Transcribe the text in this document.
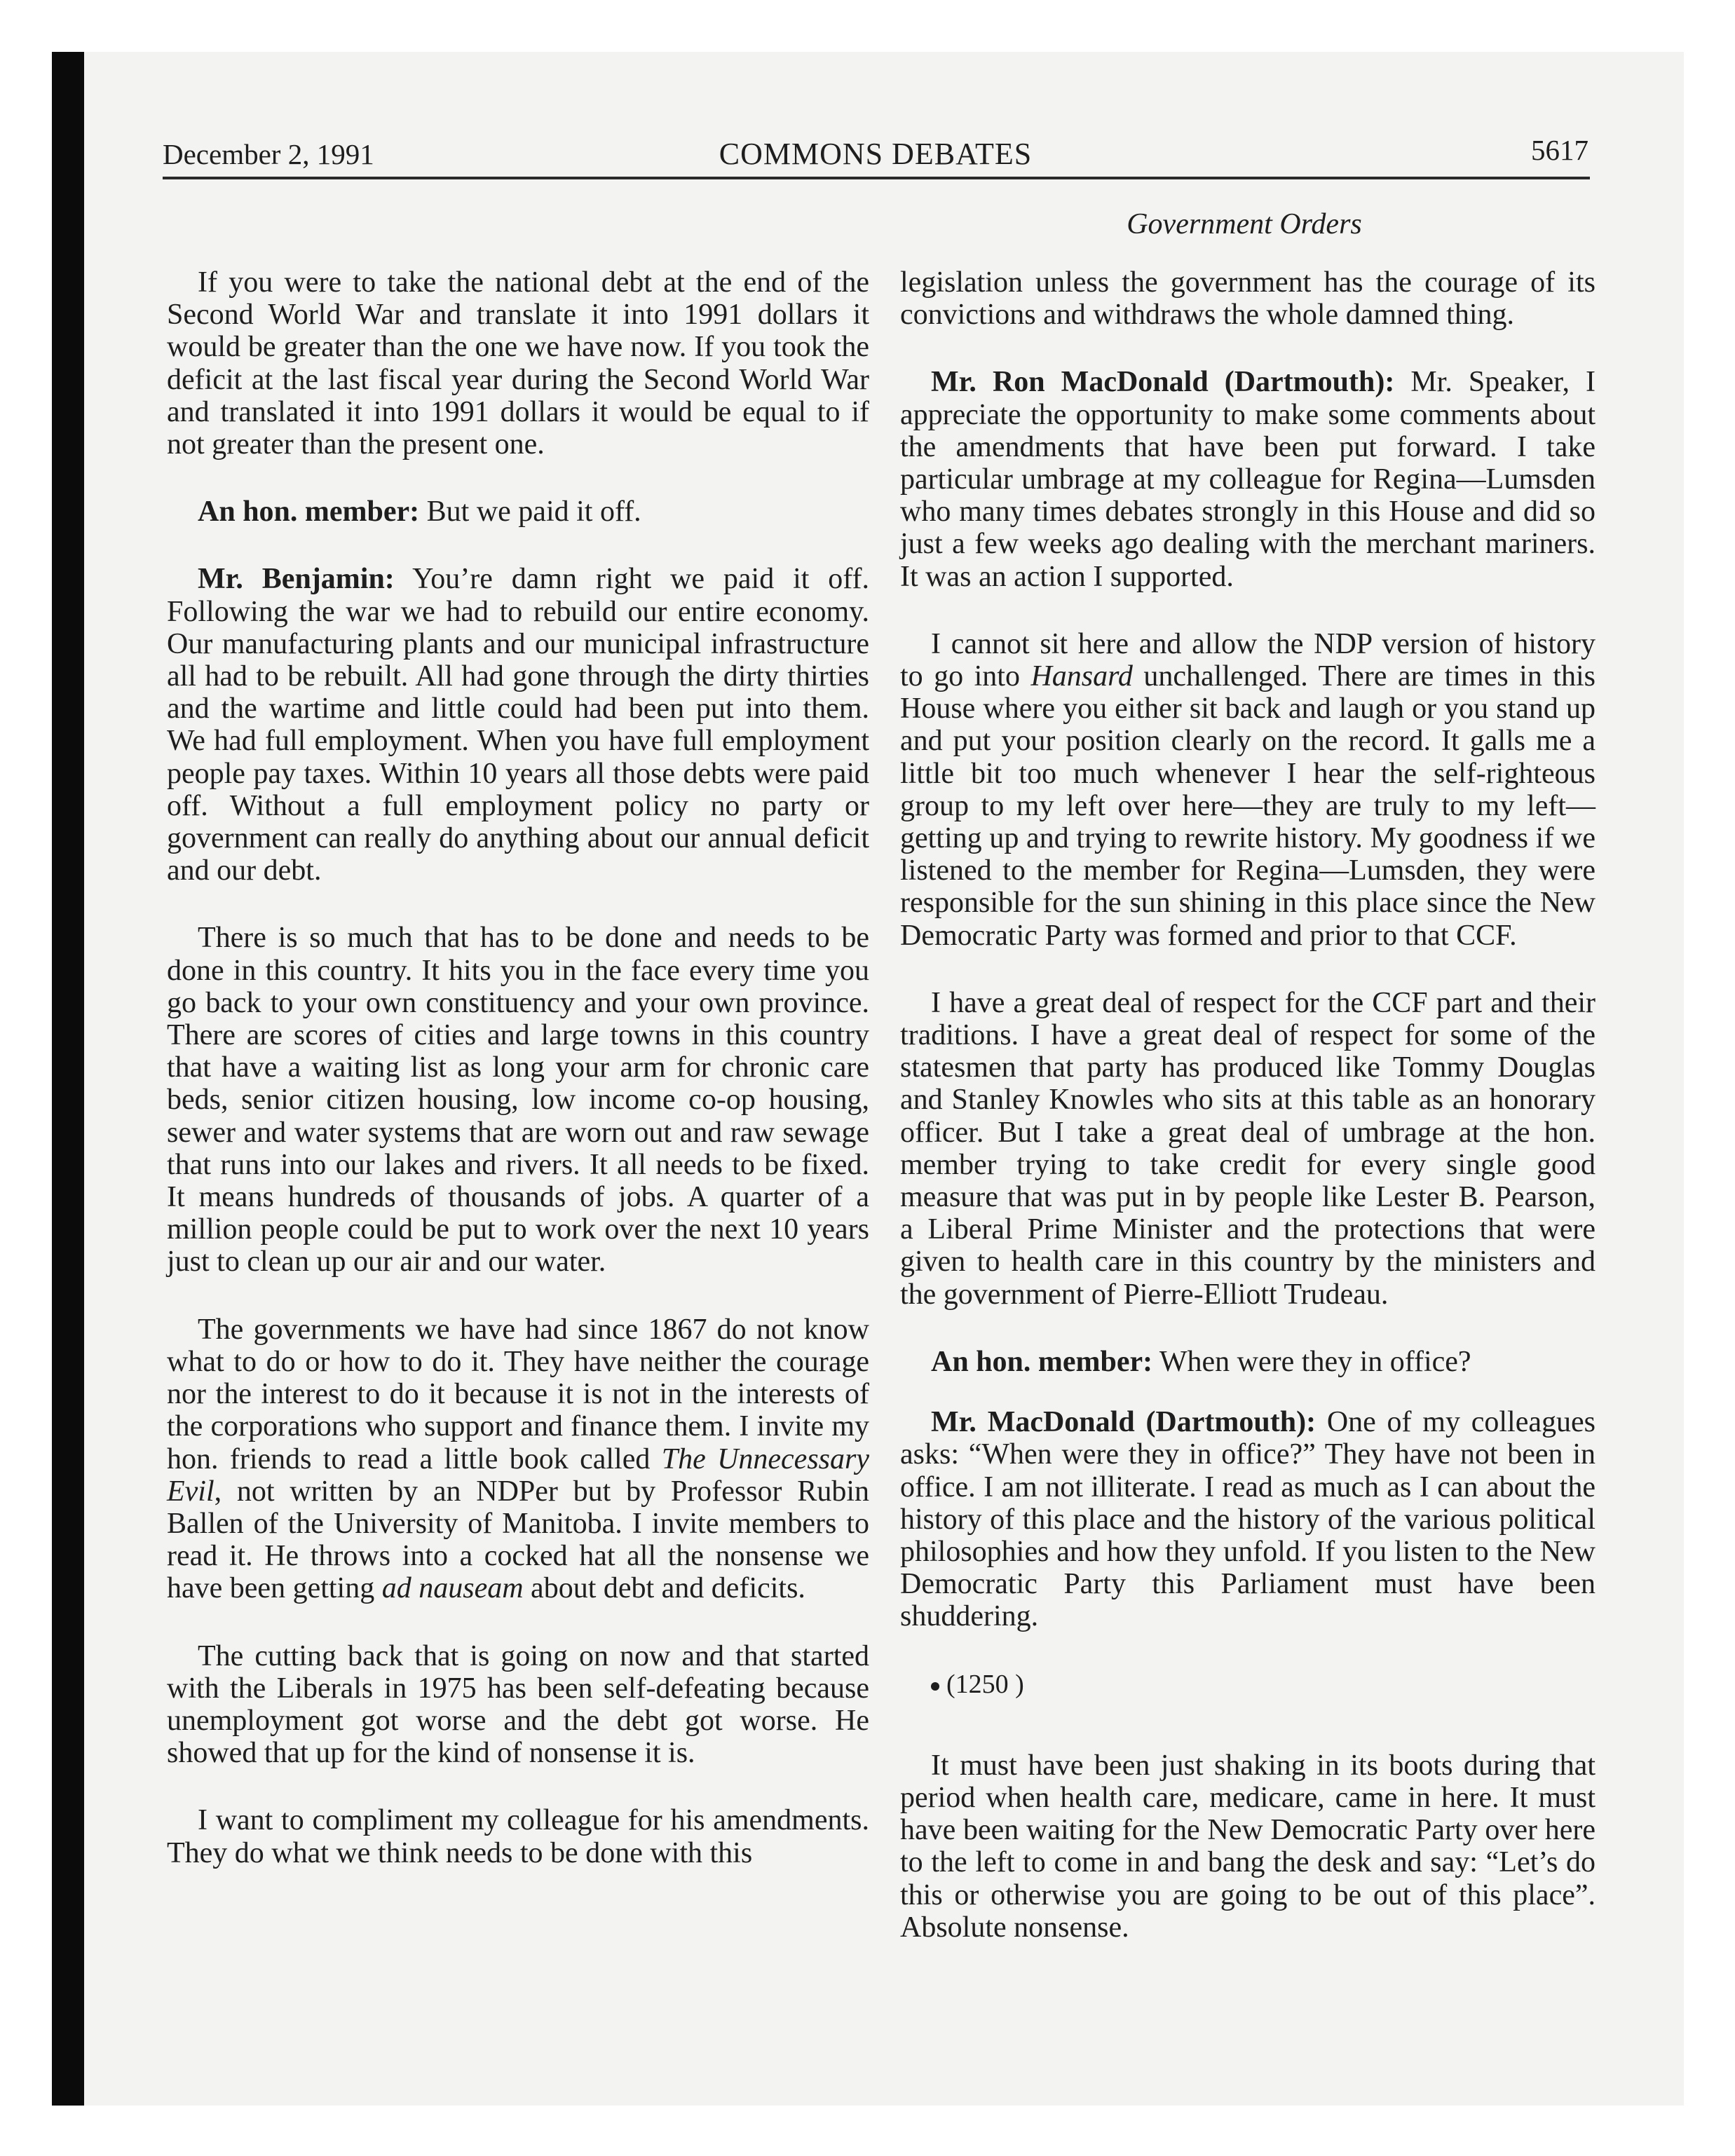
December 2, 1991	COMMONS DEBATES	5617
Government Orders

If you were to take the national debt at the end of the Second World War and translate it into 1991 dollars it would be greater than the one we have now. If you took the deficit at the last fiscal year during the Second World War and translated it into 1991 dollars it would be equal to if not greater than the present one.

An hon. member: But we paid it off.

Mr. Benjamin: You’re damn right we paid it off. Following the war we had to rebuild our entire economy. Our manufacturing plants and our municipal infrastructure all had to be rebuilt. All had gone through the dirty thirties and the wartime and little could had been put into them. We had full employment. When you have full employment people pay taxes. Within 10 years all those debts were paid off. Without a full employment policy no party or government can really do anything about our annual deficit and our debt.

There is so much that has to be done and needs to be done in this country. It hits you in the face every time you go back to your own constituency and your own province. There are scores of cities and large towns in this country that have a waiting list as long your arm for chronic care beds, senior citizen housing, low income co-op housing, sewer and water systems that are worn out and raw sewage that runs into our lakes and rivers. It all needs to be fixed. It means hundreds of thousands of jobs. A quarter of a million people could be put to work over the next 10 years just to clean up our air and our water.

The governments we have had since 1867 do not know what to do or how to do it. They have neither the courage nor the interest to do it because it is not in the interests of the corporations who support and finance them. I invite my hon. friends to read a little book called The Unnecessary Evil, not written by an NDPer but by Professor Rubin Ballen of the University of Manitoba. I invite members to read it. He throws into a cocked hat all the nonsense we have been getting ad nauseam about debt and deficits.

The cutting back that is going on now and that started with the Liberals in 1975 has been self-defeating because unemployment got worse and the debt got worse. He showed that up for the kind of nonsense it is.

I want to compliment my colleague for his amendments. They do what we think needs to be done with this

legislation unless the government has the courage of its convictions and withdraws the whole damned thing.

Mr. Ron MacDonald (Dartmouth): Mr. Speaker, I appreciate the opportunity to make some comments about the amendments that have been put forward. I take particular umbrage at my colleague for Regina—Lumsden who many times debates strongly in this House and did so just a few weeks ago dealing with the merchant mariners. It was an action I supported.

I cannot sit here and allow the NDP version of history to go into Hansard unchallenged. There are times in this House where you either sit back and laugh or you stand up and put your position clearly on the record. It galls me a little bit too much whenever I hear the self-righteous group to my left over here—they are truly to my left—getting up and trying to rewrite history. My goodness if we listened to the member for Regina—Lumsden, they were responsible for the sun shining in this place since the New Democratic Party was formed and prior to that CCF.

I have a great deal of respect for the CCF part and their traditions. I have a great deal of respect for some of the statesmen that party has produced like Tommy Douglas and Stanley Knowles who sits at this table as an honorary officer. But I take a great deal of umbrage at the hon. member trying to take credit for every single good measure that was put in by people like Lester B. Pearson, a Liberal Prime Minister and the protections that were given to health care in this country by the ministers and the government of Pierre-Elliott Trudeau.

An hon. member: When were they in office?

Mr. MacDonald (Dartmouth): One of my colleagues asks: “When were they in office?” They have not been in office. I am not illiterate. I read as much as I can about the history of this place and the history of the various political philosophies and how they unfold. If you listen to the New Democratic Party this Parliament must have been shuddering.

(1250 )

It must have been just shaking in its boots during that period when health care, medicare, came in here. It must have been waiting for the New Democratic Party over here to the left to come in and bang the desk and say: “Let’s do this or otherwise you are going to be out of this place”. Absolute nonsense.
